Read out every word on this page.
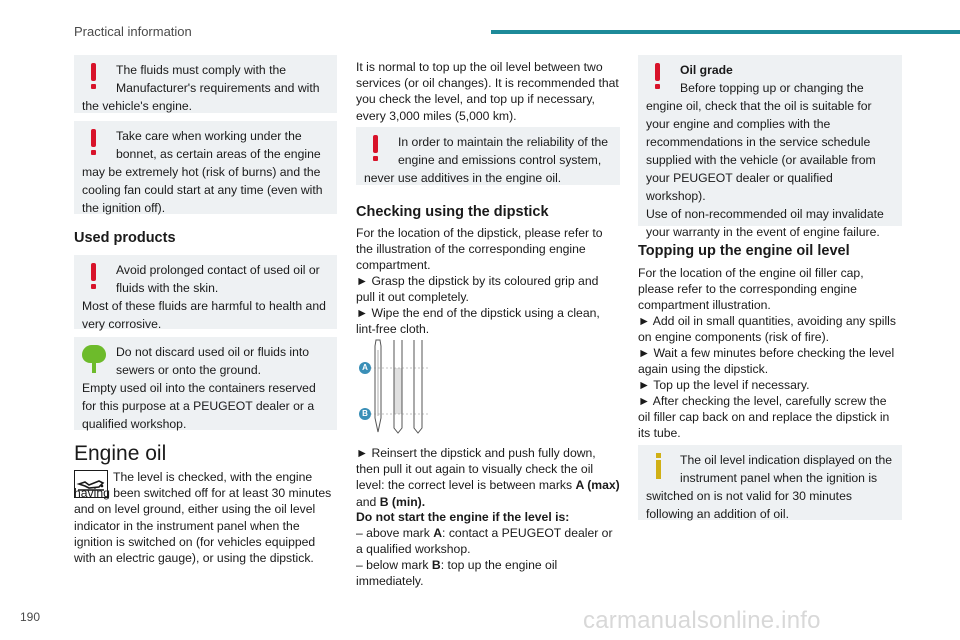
Practical information
190	carmanualsonline.info
The fluids must comply with the Manufacturer's requirements and with the vehicle's engine.
Take care when working under the bonnet, as certain areas of the engine may be extremely hot (risk of burns) and the cooling fan could start at any time (even with the ignition off).
Used products
Avoid prolonged contact of used oil or fluids with the skin.
Most of these fluids are harmful to health and very corrosive.
Do not discard used oil or fluids into sewers or onto the ground.
Empty used oil into the containers reserved for this purpose at a PEUGEOT dealer or a qualified workshop.
Engine oil

The level is checked, with the engine having been switched off for at least 30 minutes and on level ground, either using the oil level indicator in the instrument panel when the ignition is switched on (for vehicles equipped with an electric gauge), or using the dipstick.

It is normal to top up the oil level between two services (or oil changes). It is recommended that you check the level, and top up if necessary, every 3,000 miles (5,000 km).

In order to maintain the reliability of the engine and emissions control system, never use additives in the engine oil.
Checking using the dipstick

For the location of the dipstick, please refer to the illustration of the corresponding engine compartment.

► Grasp the dipstick by its coloured grip and pull it out completely.

► Wipe the end of the dipstick using a clean, lint-free cloth.

A
B

► Reinsert the dipstick and push fully down, then pull it out again to visually check the oil level: the correct level is between marks A (max) and B (min).

Do not start the engine if the level is:

– above mark A: contact a PEUGEOT dealer or a qualified workshop.

– below mark B: top up the engine oil immediately.

Oil grade
Before topping up or changing the engine oil, check that the oil is suitable for your engine and complies with the recommendations in the service schedule supplied with the vehicle (or available from your PEUGEOT dealer or qualified workshop).
Use of non-recommended oil may invalidate your warranty in the event of engine failure.
Topping up the engine oil level

For the location of the engine oil filler cap, please refer to the corresponding engine compartment illustration.

► Add oil in small quantities, avoiding any spills on engine components (risk of fire).

► Wait a few minutes before checking the level again using the dipstick.

► Top up the level if necessary.

► After checking the level, carefully screw the oil filler cap back on and replace the dipstick in its tube.

The oil level indication displayed on the instrument panel when the ignition is switched on is not valid for 30 minutes following an addition of oil.
